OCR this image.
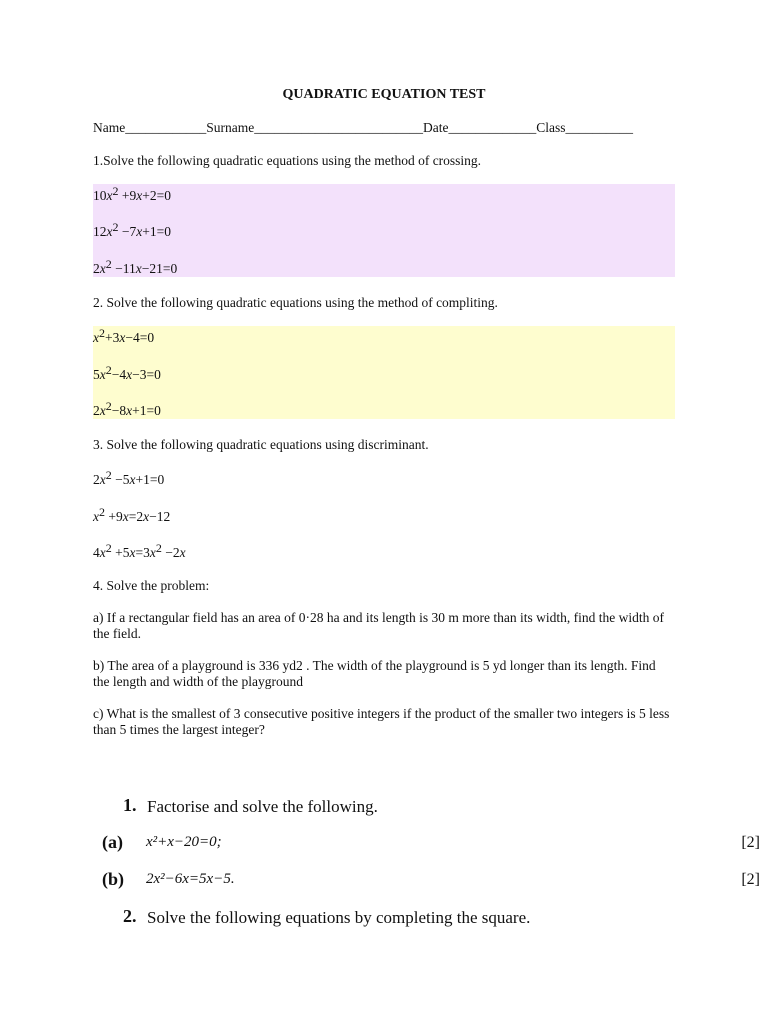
QUADRATIC EQUATION TEST
Name____________Surname_________________________Date_____________Class__________
1.Solve the following quadratic equations using the method of crossing.
$10x^2 +9x+2=0$
$12x^2 -7x+1=0$
$2x^2 -11x-21=0$
2. Solve the following quadratic equations using the method of compliting.
$x^2+3x-4=0$
$5x^2-4x-3=0$
$2x^2-8x+1=0$
3. Solve the following quadratic equations using discriminant.
$2x^2 -5x+1=0$
$x^2 +9x=2x-12$
$4x^2 +5x=3x^2 -2x$
4. Solve the problem:
a) If a rectangular field has an area of 0·28 ha and its length is 30 m more than its width, find the width of the field.
b) The area of a playground is 336 yd2 . The width of the playground is 5 yd longer than its length. Find the length and width of the playground
c) What is the smallest of 3 consecutive positive integers if the product of the smaller two integers is 5 less than 5 times the largest integer?
1. Factorise and solve the following.
(a) x²+x−20=0;	[2]
(b) 2x²−6x=5x−5.	[2]
2. Solve the following equations by completing the square.
